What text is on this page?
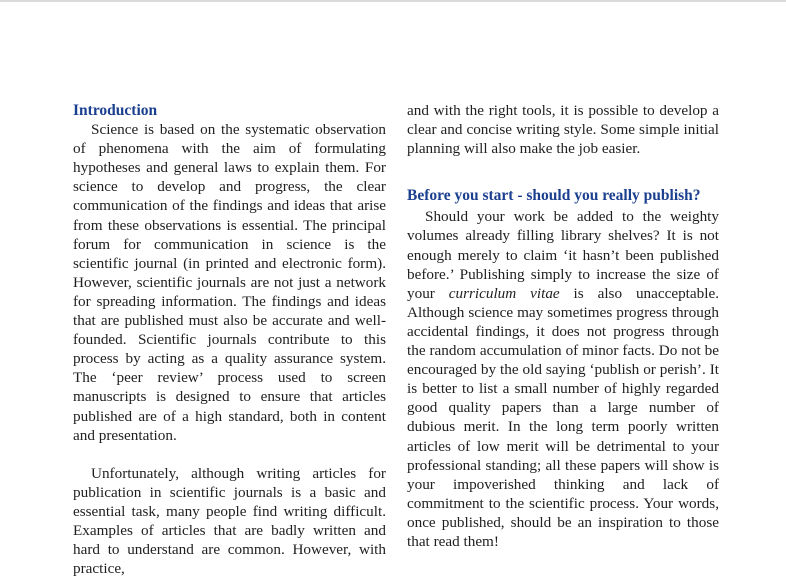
Introduction

Science is based on the systematic observation of phenomena with the aim of formulating hypotheses and general laws to explain them. For science to develop and progress, the clear communication of the findings and ideas that arise from these observations is essential. The principal forum for communication in science is the scientific journal (in printed and electronic form). However, scientific journals are not just a network for spreading information. The findings and ideas that are published must also be accurate and well-founded. Scientific journals contribute to this process by acting as a quality assurance system. The ‘peer review’ process used to screen manuscripts is designed to ensure that articles published are of a high standard, both in content and presentation.

Unfortunately, although writing articles for publication in scientific journals is a basic and essential task, many people find writing difficult. Examples of articles that are badly written and hard to understand are common. However, with practice,

and with the right tools, it is possible to develop a clear and concise writing style. Some simple initial planning will also make the job easier.

Before you start - should you really publish?

Should your work be added to the weighty volumes already filling library shelves? It is not enough merely to claim ‘it hasn’t been published before.’ Publishing simply to increase the size of your curriculum vitae is also unacceptable. Although science may sometimes progress through accidental findings, it does not progress through the random accumulation of minor facts. Do not be encouraged by the old saying ‘publish or perish’. It is better to list a small number of highly regarded good quality papers than a large number of dubious merit. In the long term poorly written articles of low merit will be detrimental to your professional standing; all these papers will show is your impoverished thinking and lack of commitment to the scientific process. Your words, once published, should be an inspiration to those that read them!
